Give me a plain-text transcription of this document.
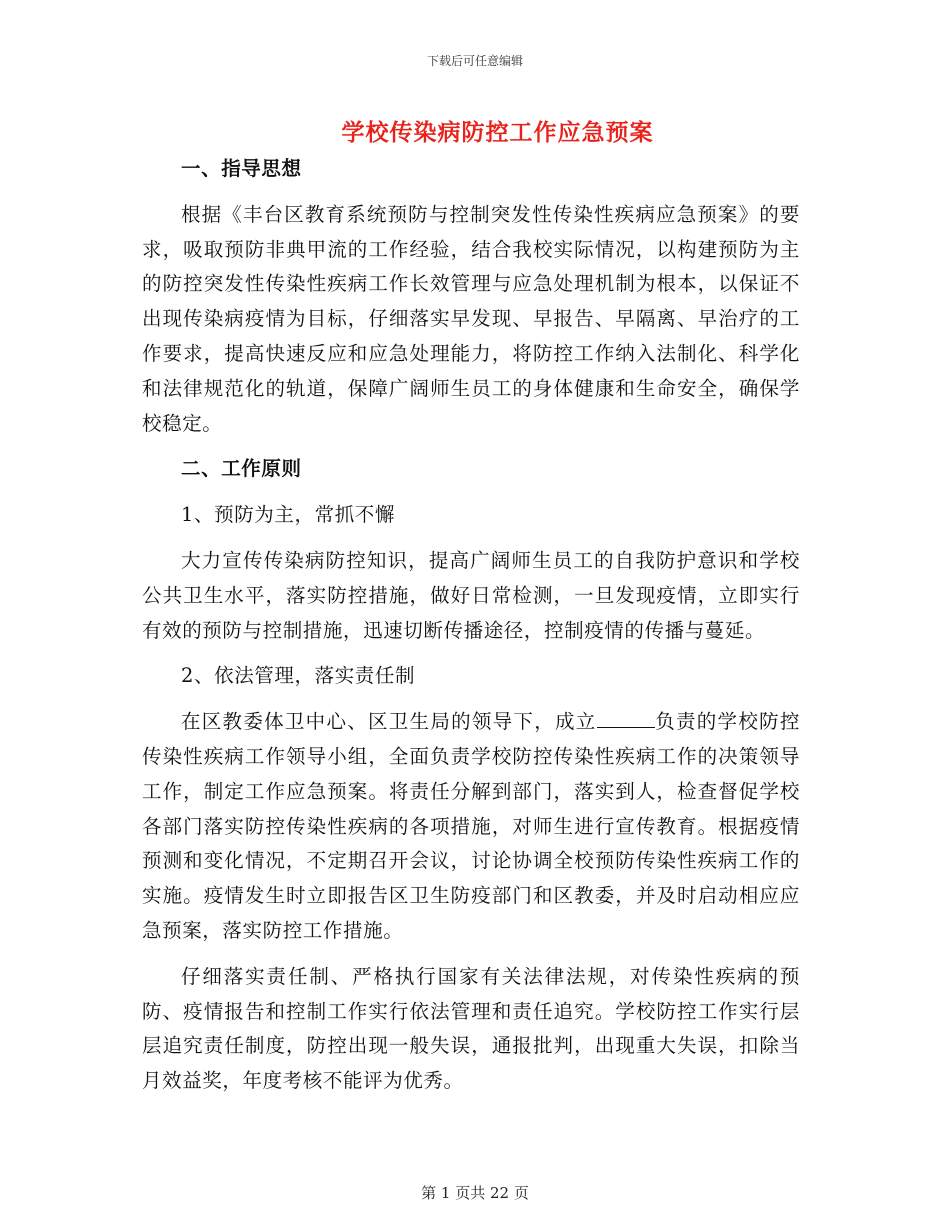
下载后可任意编辑
学校传染病防控工作应急预案
一、指导思想

根据《丰台区教育系统预防与控制突发性传染性疾病应急预案》的要求，吸取预防非典甲流的工作经验，结合我校实际情况，以构建预防为主的防控突发性传染性疾病工作长效管理与应急处理机制为根本，以保证不出现传染病疫情为目标，仔细落实早发现、早报告、早隔离、早治疗的工作要求，提高快速反应和应急处理能力，将防控工作纳入法制化、科学化和法律规范化的轨道，保障广阔师生员工的身体健康和生命安全，确保学校稳定。

二、工作原则
1、预防为主，常抓不懈

大力宣传传染病防控知识，提高广阔师生员工的自我防护意识和学校公共卫生水平，落实防控措施，做好日常检测，一旦发现疫情，立即实行有效的预防与控制措施，迅速切断传播途径，控制疫情的传播与蔓延。

2、依法管理，落实责任制

在区教委体卫中心、区卫生局的领导下，成立	负责的学校防控传染性疾病工作领导小组，全面负责学校防控传染性疾病工作的决策领导工作，制定工作应急预案。将责任分解到部门，落实到人，检查督促学校各部门落实防控传染性疾病的各项措施，对师生进行宣传教育。根据疫情预测和变化情况，不定期召开会议，讨论协调全校预防传染性疾病工作的实施。疫情发生时立即报告区卫生防疫部门和区教委，并及时启动相应应急预案，落实防控工作措施。

仔细落实责任制、严格执行国家有关法律法规，对传染性疾病的预防、疫情报告和控制工作实行依法管理和责任追究。学校防控工作实行层层追究责任制度，防控出现一般失误，通报批判，出现重大失误，扣除当月效益奖，年度考核不能评为优秀。

第 1 页共 22 页
